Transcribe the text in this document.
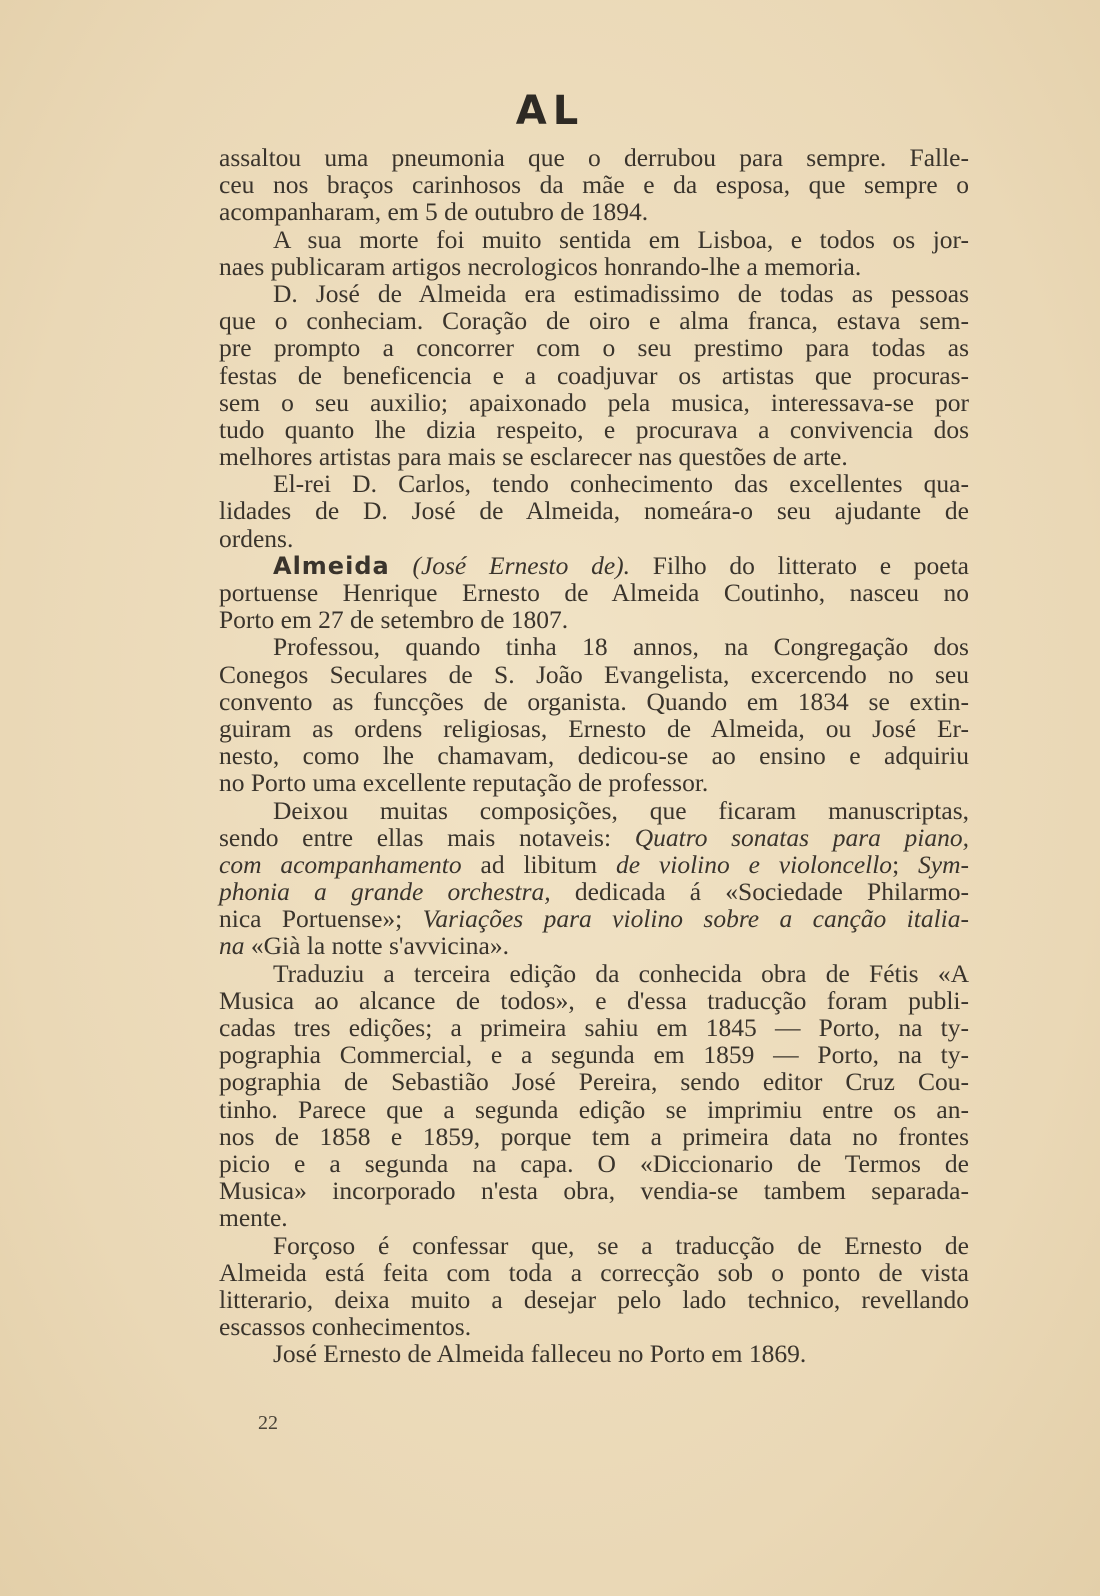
AL
assaltou uma pneumonia que o derrubou para sempre. Falle-
ceu nos braços carinhosos da mãe e da esposa, que sempre o
acompanharam, em 5 de outubro de 1894.
A sua morte foi muito sentida em Lisboa, e todos os jor-
naes publicaram artigos necrologicos honrando-lhe a memoria.
D. José de Almeida era estimadissimo de todas as pessoas
que o conheciam. Coração de oiro e alma franca, estava sem-
pre prompto a concorrer com o seu prestimo para todas as
festas de beneficencia e a coadjuvar os artistas que procuras-
sem o seu auxilio; apaixonado pela musica, interessava-se por
tudo quanto lhe dizia respeito, e procurava a convivencia dos
melhores artistas para mais se esclarecer nas questões de arte.
El-rei D. Carlos, tendo conhecimento das excellentes qua-
lidades de D. José de Almeida, nomeára-o seu ajudante de
ordens.
Almeida (José Ernesto de). Filho do litterato e poeta
portuense Henrique Ernesto de Almeida Coutinho, nasceu no
Porto em 27 de setembro de 1807.
Professou, quando tinha 18 annos, na Congregação dos
Conegos Seculares de S. João Evangelista, excercendo no seu
convento as funcções de organista. Quando em 1834 se extin-
guiram as ordens religiosas, Ernesto de Almeida, ou José Er-
nesto, como lhe chamavam, dedicou-se ao ensino e adquiriu
no Porto uma excellente reputação de professor.
Deixou muitas composições, que ficaram manuscriptas,
sendo entre ellas mais notaveis: Quatro sonatas para piano,
com acompanhamento ad libitum de violino e violoncello; Sym-
phonia a grande orchestra, dedicada á «Sociedade Philarmo-
nica Portuense»; Variações para violino sobre a canção italia-
na «Già la notte s'avvicina».
Traduziu a terceira edição da conhecida obra de Fétis «A
Musica ao alcance de todos», e d'essa traducção foram publi-
cadas tres edições; a primeira sahiu em 1845 — Porto, na ty-
pographia Commercial, e a segunda em 1859 — Porto, na ty-
pographia de Sebastião José Pereira, sendo editor Cruz Cou-
tinho. Parece que a segunda edição se imprimiu entre os an-
nos de 1858 e 1859, porque tem a primeira data no frontes
picio e a segunda na capa. O «Diccionario de Termos de
Musica» incorporado n'esta obra, vendia-se tambem separada-
mente.
Forçoso é confessar que, se a traducção de Ernesto de
Almeida está feita com toda a correcção sob o ponto de vista
litterario, deixa muito a desejar pelo lado technico, revellando
escassos conhecimentos.
José Ernesto de Almeida falleceu no Porto em 1869.
22
